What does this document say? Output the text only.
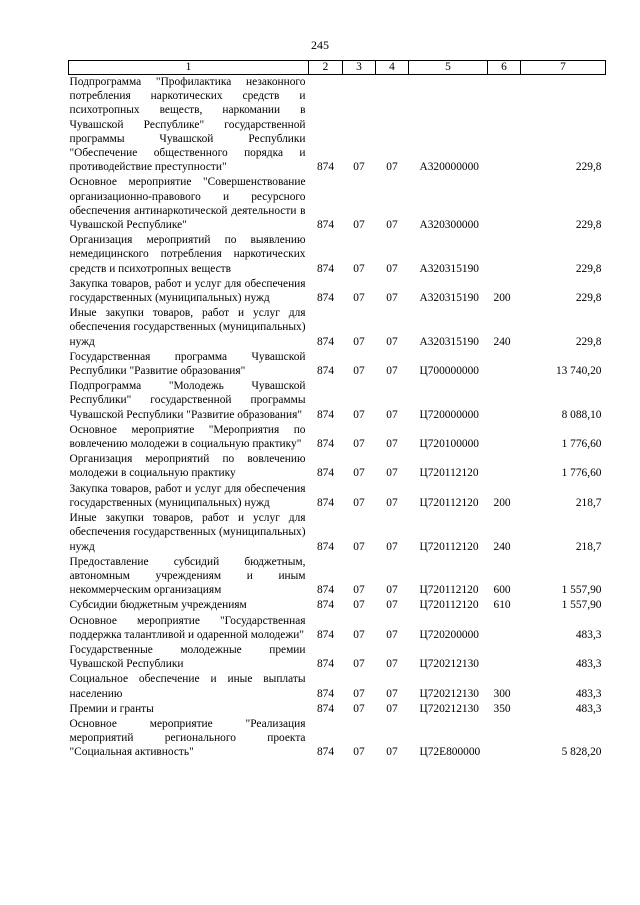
245
1	2	3	4	5	6	7
Подпрограмма "Профилактика незаконного потребления наркотических средств и психотропных веществ, наркомании в Чувашской Республике" государственной программы Чувашской Республики "Обеспечение общественного порядка и противодействие преступности"	874	07	07	А320000000		229,8
Основное мероприятие "Совершенствование организационно-правового и ресурсного обеспечения антинаркотической деятельности в Чувашской Республике"	874	07	07	А320300000		229,8
Организация мероприятий по выявлению немедицинского потребления наркотических средств и психотропных веществ	874	07	07	А320315190		229,8
Закупка товаров, работ и услуг для обеспечения государственных (муниципальных) нужд	874	07	07	А320315190	200	229,8
Иные закупки товаров, работ и услуг для обеспечения государственных (муниципальных) нужд	874	07	07	А320315190	240	229,8
Государственная программа Чувашской Республики "Развитие образования"	874	07	07	Ц700000000		13 740,20
Подпрограмма "Молодежь Чувашской Республики" государственной программы Чувашской Республики "Развитие образования"	874	07	07	Ц720000000		8 088,10
Основное мероприятие "Мероприятия по вовлечению молодежи в социальную практику"	874	07	07	Ц720100000		1 776,60
Организация мероприятий по вовлечению молодежи в социальную практику	874	07	07	Ц720112120		1 776,60
Закупка товаров, работ и услуг для обеспечения государственных (муниципальных) нужд	874	07	07	Ц720112120	200	218,7
Иные закупки товаров, работ и услуг для обеспечения государственных (муниципальных) нужд	874	07	07	Ц720112120	240	218,7
Предоставление субсидий бюджетным, автономным учреждениям и иным некоммерческим организациям	874	07	07	Ц720112120	600	1 557,90
Субсидии бюджетным учреждениям	874	07	07	Ц720112120	610	1 557,90
Основное мероприятие "Государственная поддержка талантливой и одаренной молодежи"	874	07	07	Ц720200000		483,3
Государственные молодежные премии Чувашской Республики	874	07	07	Ц720212130		483,3
Социальное обеспечение и иные выплаты населению	874	07	07	Ц720212130	300	483,3
Премии и гранты	874	07	07	Ц720212130	350	483,3
Основное мероприятие "Реализация мероприятий регионального проекта "Социальная активность"	874	07	07	Ц72Е800000		5 828,20
